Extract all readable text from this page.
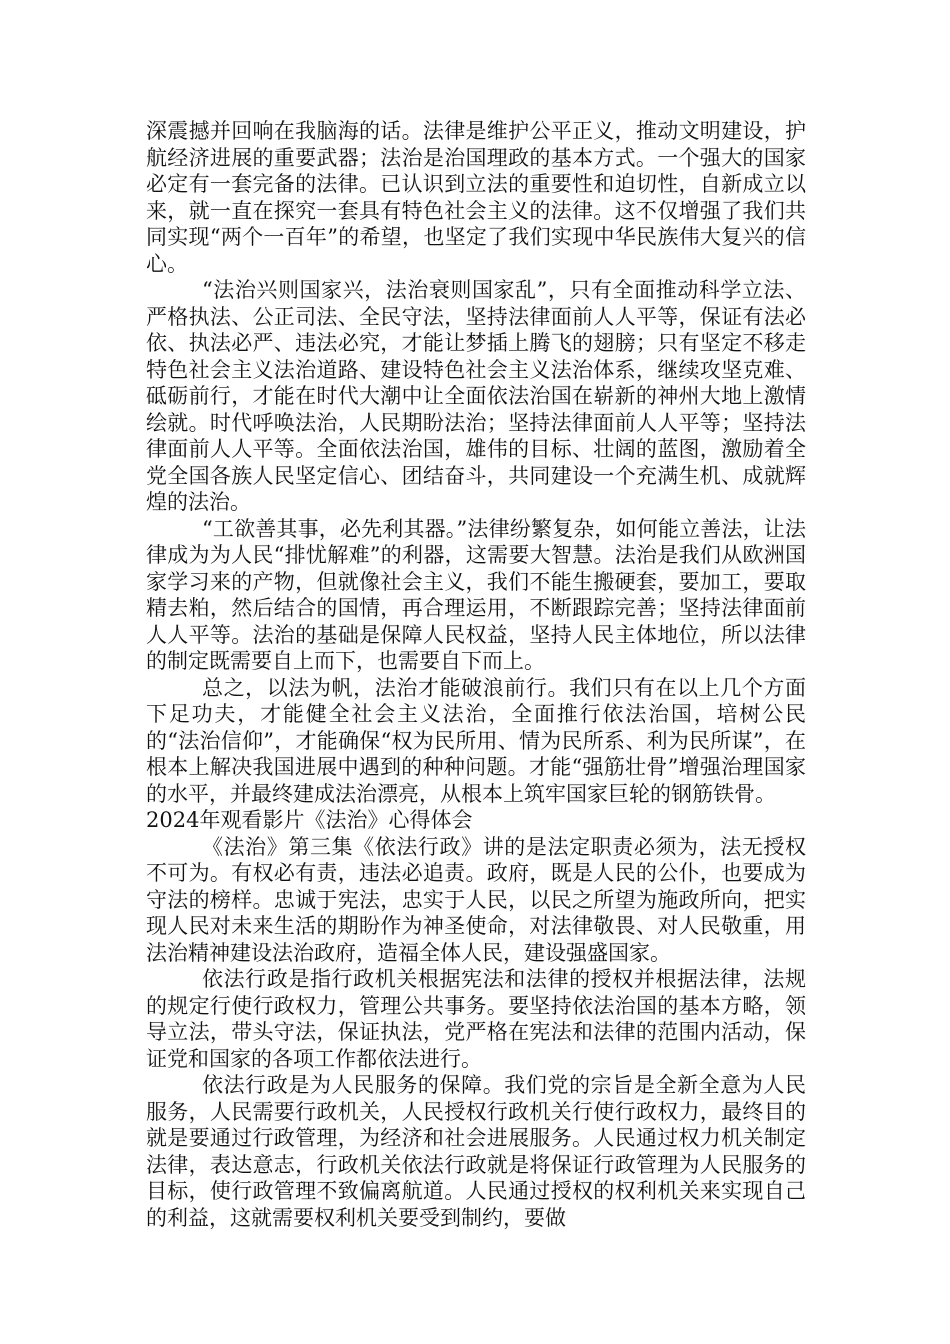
深震撼并回响在我脑海的话。法律是维护公平正义，推动文明建设，护航经济进展的重要武器；法治是治国理政的基本方式。一个强大的国家必定有一套完备的法律。已认识到立法的重要性和迫切性，自新成立以来，就一直在探究一套具有特色社会主义的法律。这不仅增强了我们共同实现“两个一百年”的希望，也坚定了我们实现中华民族伟大复兴的信心。

“法治兴则国家兴，法治衰则国家乱”，只有全面推动科学立法、严格执法、公正司法、全民守法，坚持法律面前人人平等，保证有法必依、执法必严、违法必究，才能让梦插上腾飞的翅膀；只有坚定不移走特色社会主义法治道路、建设特色社会主义法治体系，继续攻坚克难、砥砺前行，才能在时代大潮中让全面依法治国在崭新的神州大地上激情绘就。时代呼唤法治，人民期盼法治；坚持法律面前人人平等；坚持法律面前人人平等。全面依法治国，雄伟的目标、壮阔的蓝图，激励着全党全国各族人民坚定信心、团结奋斗，共同建设一个充满生机、成就辉煌的法治。

“工欲善其事，必先利其器。”法律纷繁复杂，如何能立善法，让法律成为为人民“排忧解难”的利器，这需要大智慧。法治是我们从欧洲国家学习来的产物，但就像社会主义，我们不能生搬硬套，要加工，要取精去粕，然后结合的国情，再合理运用，不断跟踪完善；坚持法律面前人人平等。法治的基础是保障人民权益，坚持人民主体地位，所以法律的制定既需要自上而下，也需要自下而上。

总之，以法为帆，法治才能破浪前行。我们只有在以上几个方面下足功夫，才能健全社会主义法治，全面推行依法治国，培树公民的“法治信仰”，才能确保“权为民所用、情为民所系、利为民所谋”，在根本上解决我国进展中遇到的种种问题。才能“强筋壮骨”增强治理国家的水平，并最终建成法治漂亮，从根本上筑牢国家巨轮的钢筋铁骨。

2024年观看影片《法治》心得体会

《法治》第三集《依法行政》讲的是法定职责必须为，法无授权不可为。有权必有责，违法必追责。政府，既是人民的公仆，也要成为守法的榜样。忠诚于宪法，忠实于人民，以民之所望为施政所向，把实现人民对未来生活的期盼作为神圣使命，对法律敬畏、对人民敬重，用法治精神建设法治政府，造福全体人民，建设强盛国家。

依法行政是指行政机关根据宪法和法律的授权并根据法律，法规的规定行使行政权力，管理公共事务。要坚持依法治国的基本方略，领导立法，带头守法，保证执法，党严格在宪法和法律的范围内活动，保证党和国家的各项工作都依法进行。

依法行政是为人民服务的保障。我们党的宗旨是全新全意为人民服务，人民需要行政机关，人民授权行政机关行使行政权力，最终目的就是要通过行政管理，为经济和社会进展服务。人民通过权力机关制定法律，表达意志，行政机关依法行政就是将保证行政管理为人民服务的目标，使行政管理不致偏离航道。人民通过授权的权利机关来实现自己的利益，这就需要权利机关要受到制约，要做
